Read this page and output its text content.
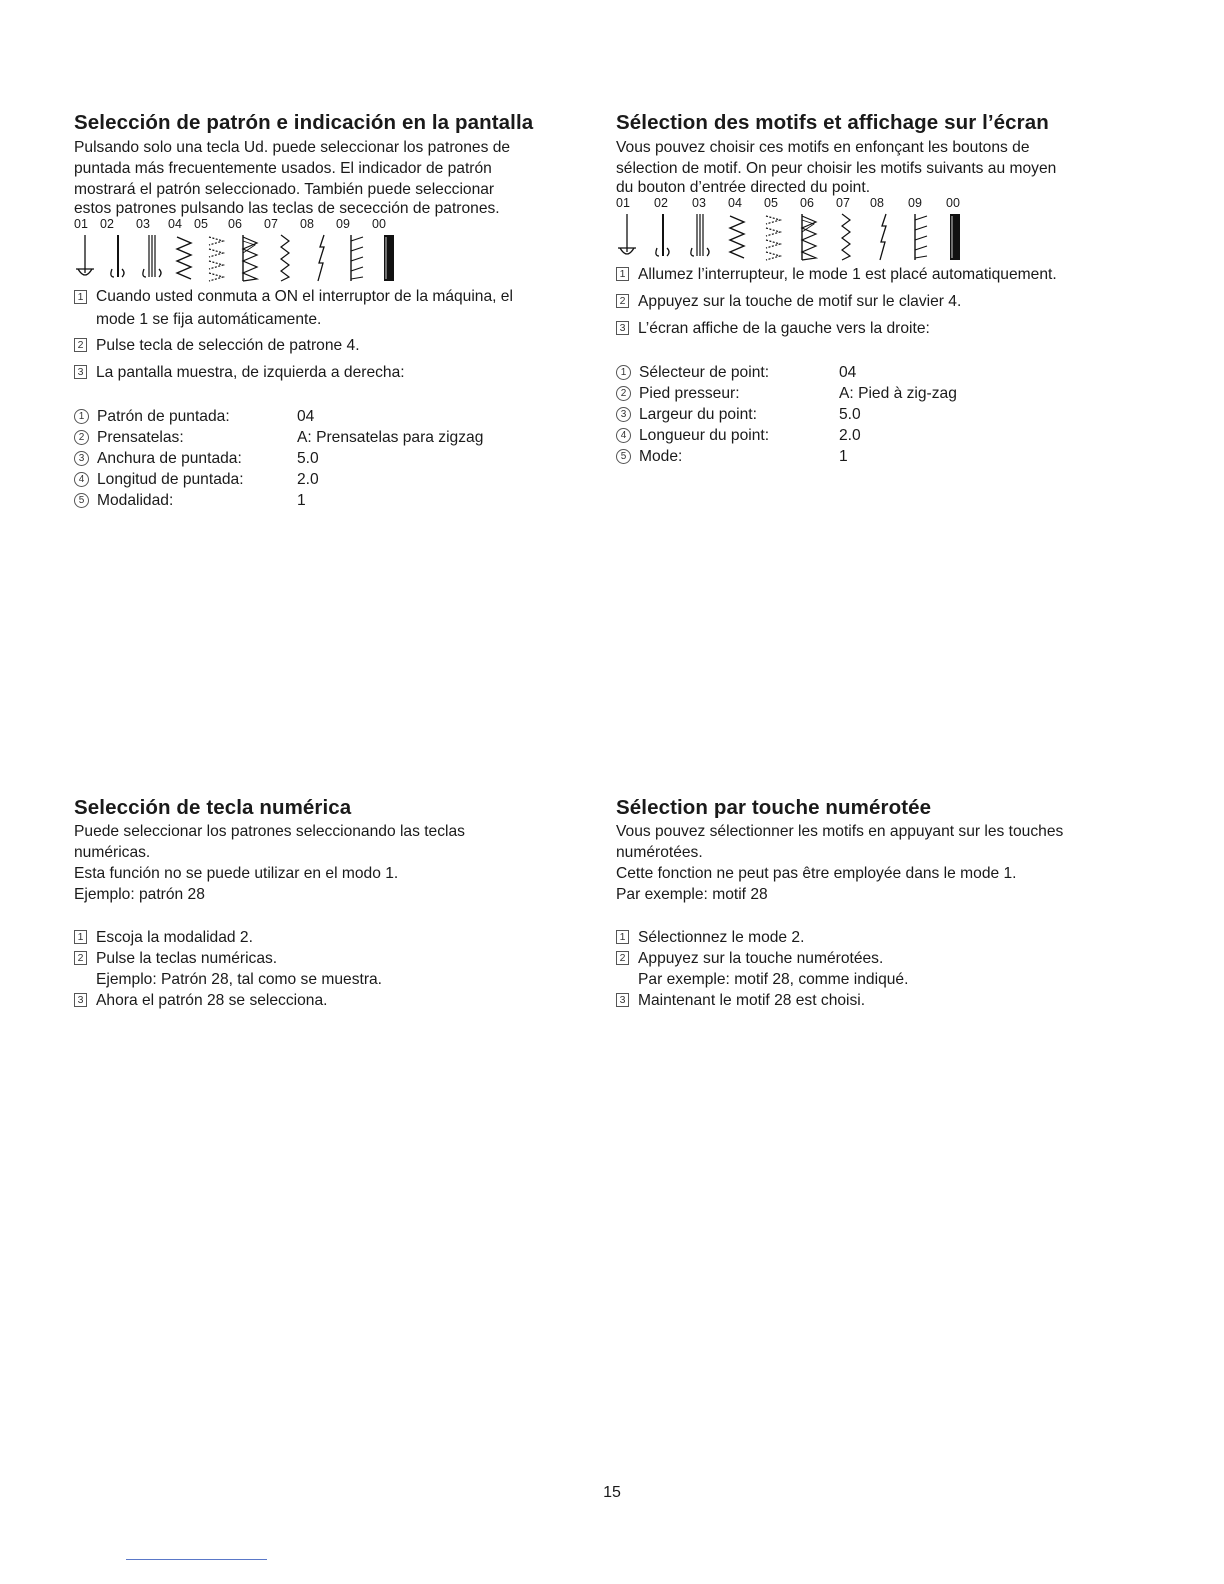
Selección de patrón e indicación en la pantalla

Pulsando solo una tecla Ud. puede seleccionar los patrones de

puntada más frecuentemente usados. El indicador de patrón

mostrará el patrón seleccionado. También puede seleccionar

estos patrones pulsando las teclas de secección de patrones.

01 02	03	04 05	06	07	08	09	00
1 Cuando usted conmuta a ON el interruptor de la máquina, el
mode 1 se fija automáticamente.
2 Pulse tecla de selección de patrone 4.
3 La pantalla muestra, de izquierda a derecha:
1 Patrón de puntada:	04
2 Prensatelas:	A: Prensatelas para zigzag
3 Anchura de puntada:	5.0
4 Longitud de puntada:	2.0
5 Modalidad:	1
Sélection des motifs et affichage sur l’écran

Vous pouvez choisir ces motifs en enfonçant les boutons de

sélection de motif. On peur choisir les motifs suivants au moyen

du bouton d’entrée directed du point.

01	02	03	04	05	06	07	08	09	00
1 Allumez l’interrupteur, le mode 1 est placé automatiquement.
2 Appuyez sur la touche de motif sur le clavier 4.
3 L’écran affiche de la gauche vers la droite:
1 Sélecteur de point:	04
2 Pied presseur:	A: Pied à zig-zag
3 Largeur du point:	5.0
4 Longueur du point:	2.0
5 Mode:	1
Selección de tecla numérica

Puede seleccionar los patrones seleccionando las teclas

numéricas.

Esta función no se puede utilizar en el modo 1.

Ejemplo: patrón 28

1 Escoja la modalidad 2.
2 Pulse la teclas numéricas.
Ejemplo: Patrón 28, tal como se muestra.
3 Ahora el patrón 28 se selecciona.
Sélection par touche numérotée

Vous pouvez sélectionner les motifs en appuyant sur les touches

numérotées.

Cette fonction ne peut pas être employée dans le mode 1.

Par exemple: motif 28

1 Sélectionnez le mode 2.
2 Appuyez sur la touche numérotées.
Par exemple: motif 28, comme indiqué.
3 Maintenant le motif 28 est choisi.
15
